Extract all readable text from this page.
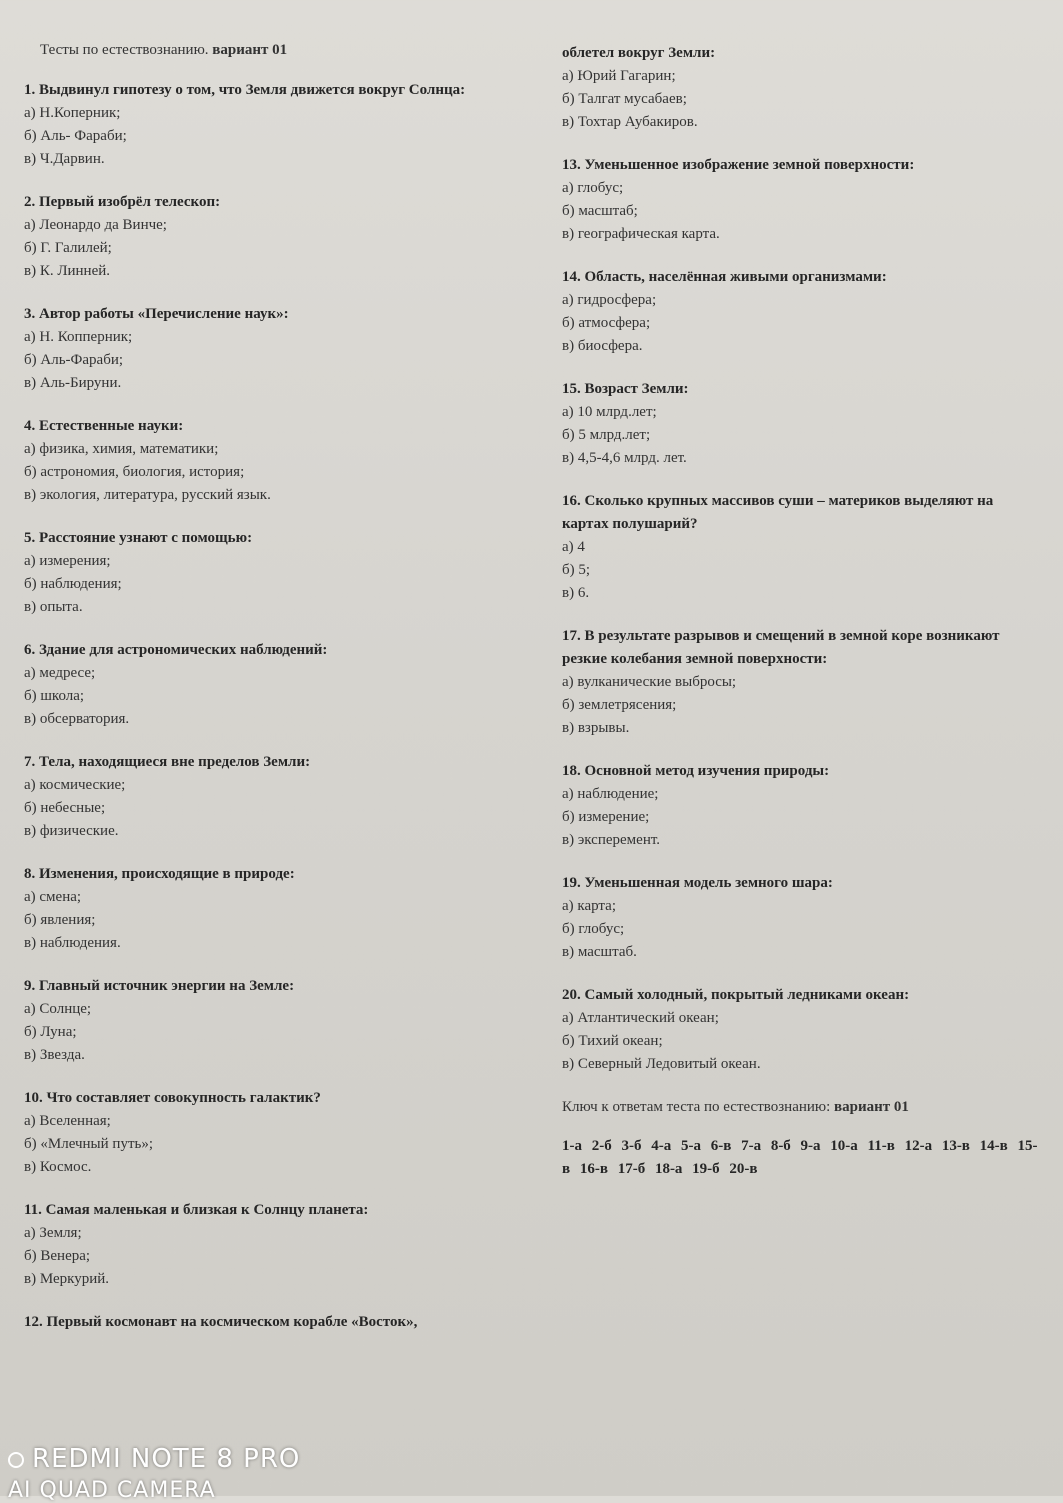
Тесты по естествознанию. вариант 01
1. Выдвинул гипотезу о том, что Земля движется вокруг Солнца:
а) Н.Коперник;
б) Аль- Фараби;
в) Ч.Дарвин.
2. Первый изобрёл телескоп:
а) Леонардо да Винче;
б) Г. Галилей;
в) К. Линней.
3. Автор работы «Перечисление наук»:
а) Н. Копперник;
б) Аль-Фараби;
в) Аль-Бируни.
4. Естественные науки:
а) физика, химия, математики;
б) астрономия, биология, история;
в) экология, литература, русский язык.
5. Расстояние узнают с помощью:
а) измерения;
б) наблюдения;
в) опыта.
6. Здание для астрономических наблюдений:
а) медресе;
б) школа;
в) обсерватория.
7. Тела, находящиеся вне пределов Земли:
а) космические;
б) небесные;
в) физические.
8. Изменения, происходящие в природе:
а) смена;
б) явления;
в) наблюдения.
9. Главный источник энергии на Земле:
а) Солнце;
б) Луна;
в) Звезда.
10. Что составляет совокупность галактик?
а) Вселенная;
б) «Млечный путь»;
в) Космос.
11. Самая маленькая и близкая к Солнцу планета:
а) Земля;
б) Венера;
в) Меркурий.
12. Первый космонавт на космическом корабле «Восток»,
облетел вокруг Земли:
а) Юрий Гагарин;
б) Талгат мусабаев;
в) Тохтар Аубакиров.
13. Уменьшенное изображение земной поверхности:
а) глобус;
б) масштаб;
в) географическая карта.
14. Область, населённая живыми организмами:
а) гидросфера;
б) атмосфера;
в) биосфера.
15. Возраст Земли:
а) 10 млрд.лет;
б) 5 млрд.лет;
в) 4,5-4,6 млрд. лет.
16. Сколько крупных массивов суши – материков выделяют на картах полушарий?
а) 4
б) 5;
в) 6.
17. В результате разрывов и смещений в земной коре возникают резкие колебания земной поверхности:
а) вулканические выбросы;
б) землетрясения;
в) взрывы.
18. Основной метод изучения природы:
а) наблюдение;
б) измерение;
в) эксперемент.
19. Уменьшенная модель земного шара:
а) карта;
б) глобус;
в) масштаб.
20. Самый холодный, покрытый ледниками океан:
а) Атлантический океан;
б) Тихий океан;
в) Северный Ледовитый океан.
Ключ к ответам теста по естествознанию: вариант 01
1-а 2-б 3-б 4-а 5-а 6-в 7-а 8-б 9-а 10-а 11-в 12-а 13-в 14-в 15-в 16-в 17-б 18-а 19-б 20-в
REDMI NOTE 8 PRO
AI QUAD CAMERA
